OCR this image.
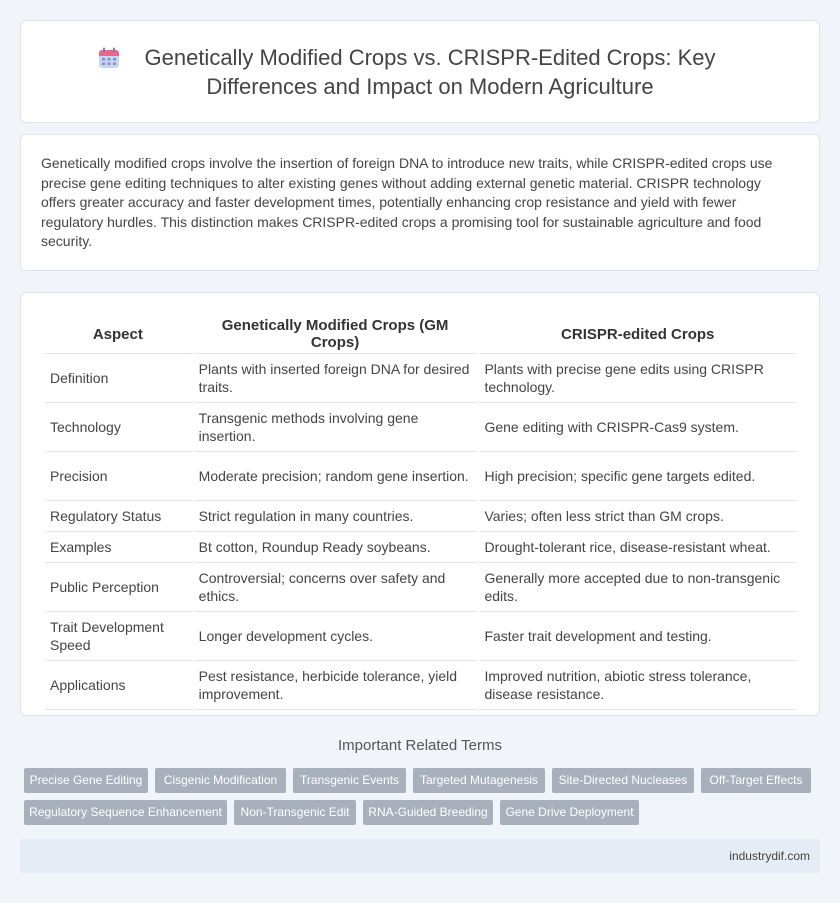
Genetically Modified Crops vs. CRISPR-Edited Crops: Key Differences and Impact on Modern Agriculture

Genetically modified crops involve the insertion of foreign DNA to introduce new traits, while CRISPR-edited crops use precise gene editing techniques to alter existing genes without adding external genetic material. CRISPR technology offers greater accuracy and faster development times, potentially enhancing crop resistance and yield with fewer regulatory hurdles. This distinction makes CRISPR-edited crops a promising tool for sustainable agriculture and food security.

Aspect	Genetically Modified Crops (GM Crops)	CRISPR-edited Crops
Definition	Plants with inserted foreign DNA for desired traits.	Plants with precise gene edits using CRISPR technology.
Technology	Transgenic methods involving gene insertion.	Gene editing with CRISPR-Cas9 system.
Precision	Moderate precision; random gene insertion.	High precision; specific gene targets edited.
Regulatory Status	Strict regulation in many countries.	Varies; often less strict than GM crops.
Examples	Bt cotton, Roundup Ready soybeans.	Drought-tolerant rice, disease-resistant wheat.
Public Perception	Controversial; concerns over safety and ethics.	Generally more accepted due to non-transgenic edits.
Trait Development Speed	Longer development cycles.	Faster trait development and testing.
Applications	Pest resistance, herbicide tolerance, yield improvement.	Improved nutrition, abiotic stress tolerance, disease resistance.
Important Related Terms
Precise Gene Editing	Cisgenic Modification	Transgenic Events	Targeted Mutagenesis	Site-Directed Nucleases	Off-Target Effects
Regulatory Sequence Enhancement	Non-Transgenic Edit	RNA-Guided Breeding	Gene Drive Deployment
industrydif.com
